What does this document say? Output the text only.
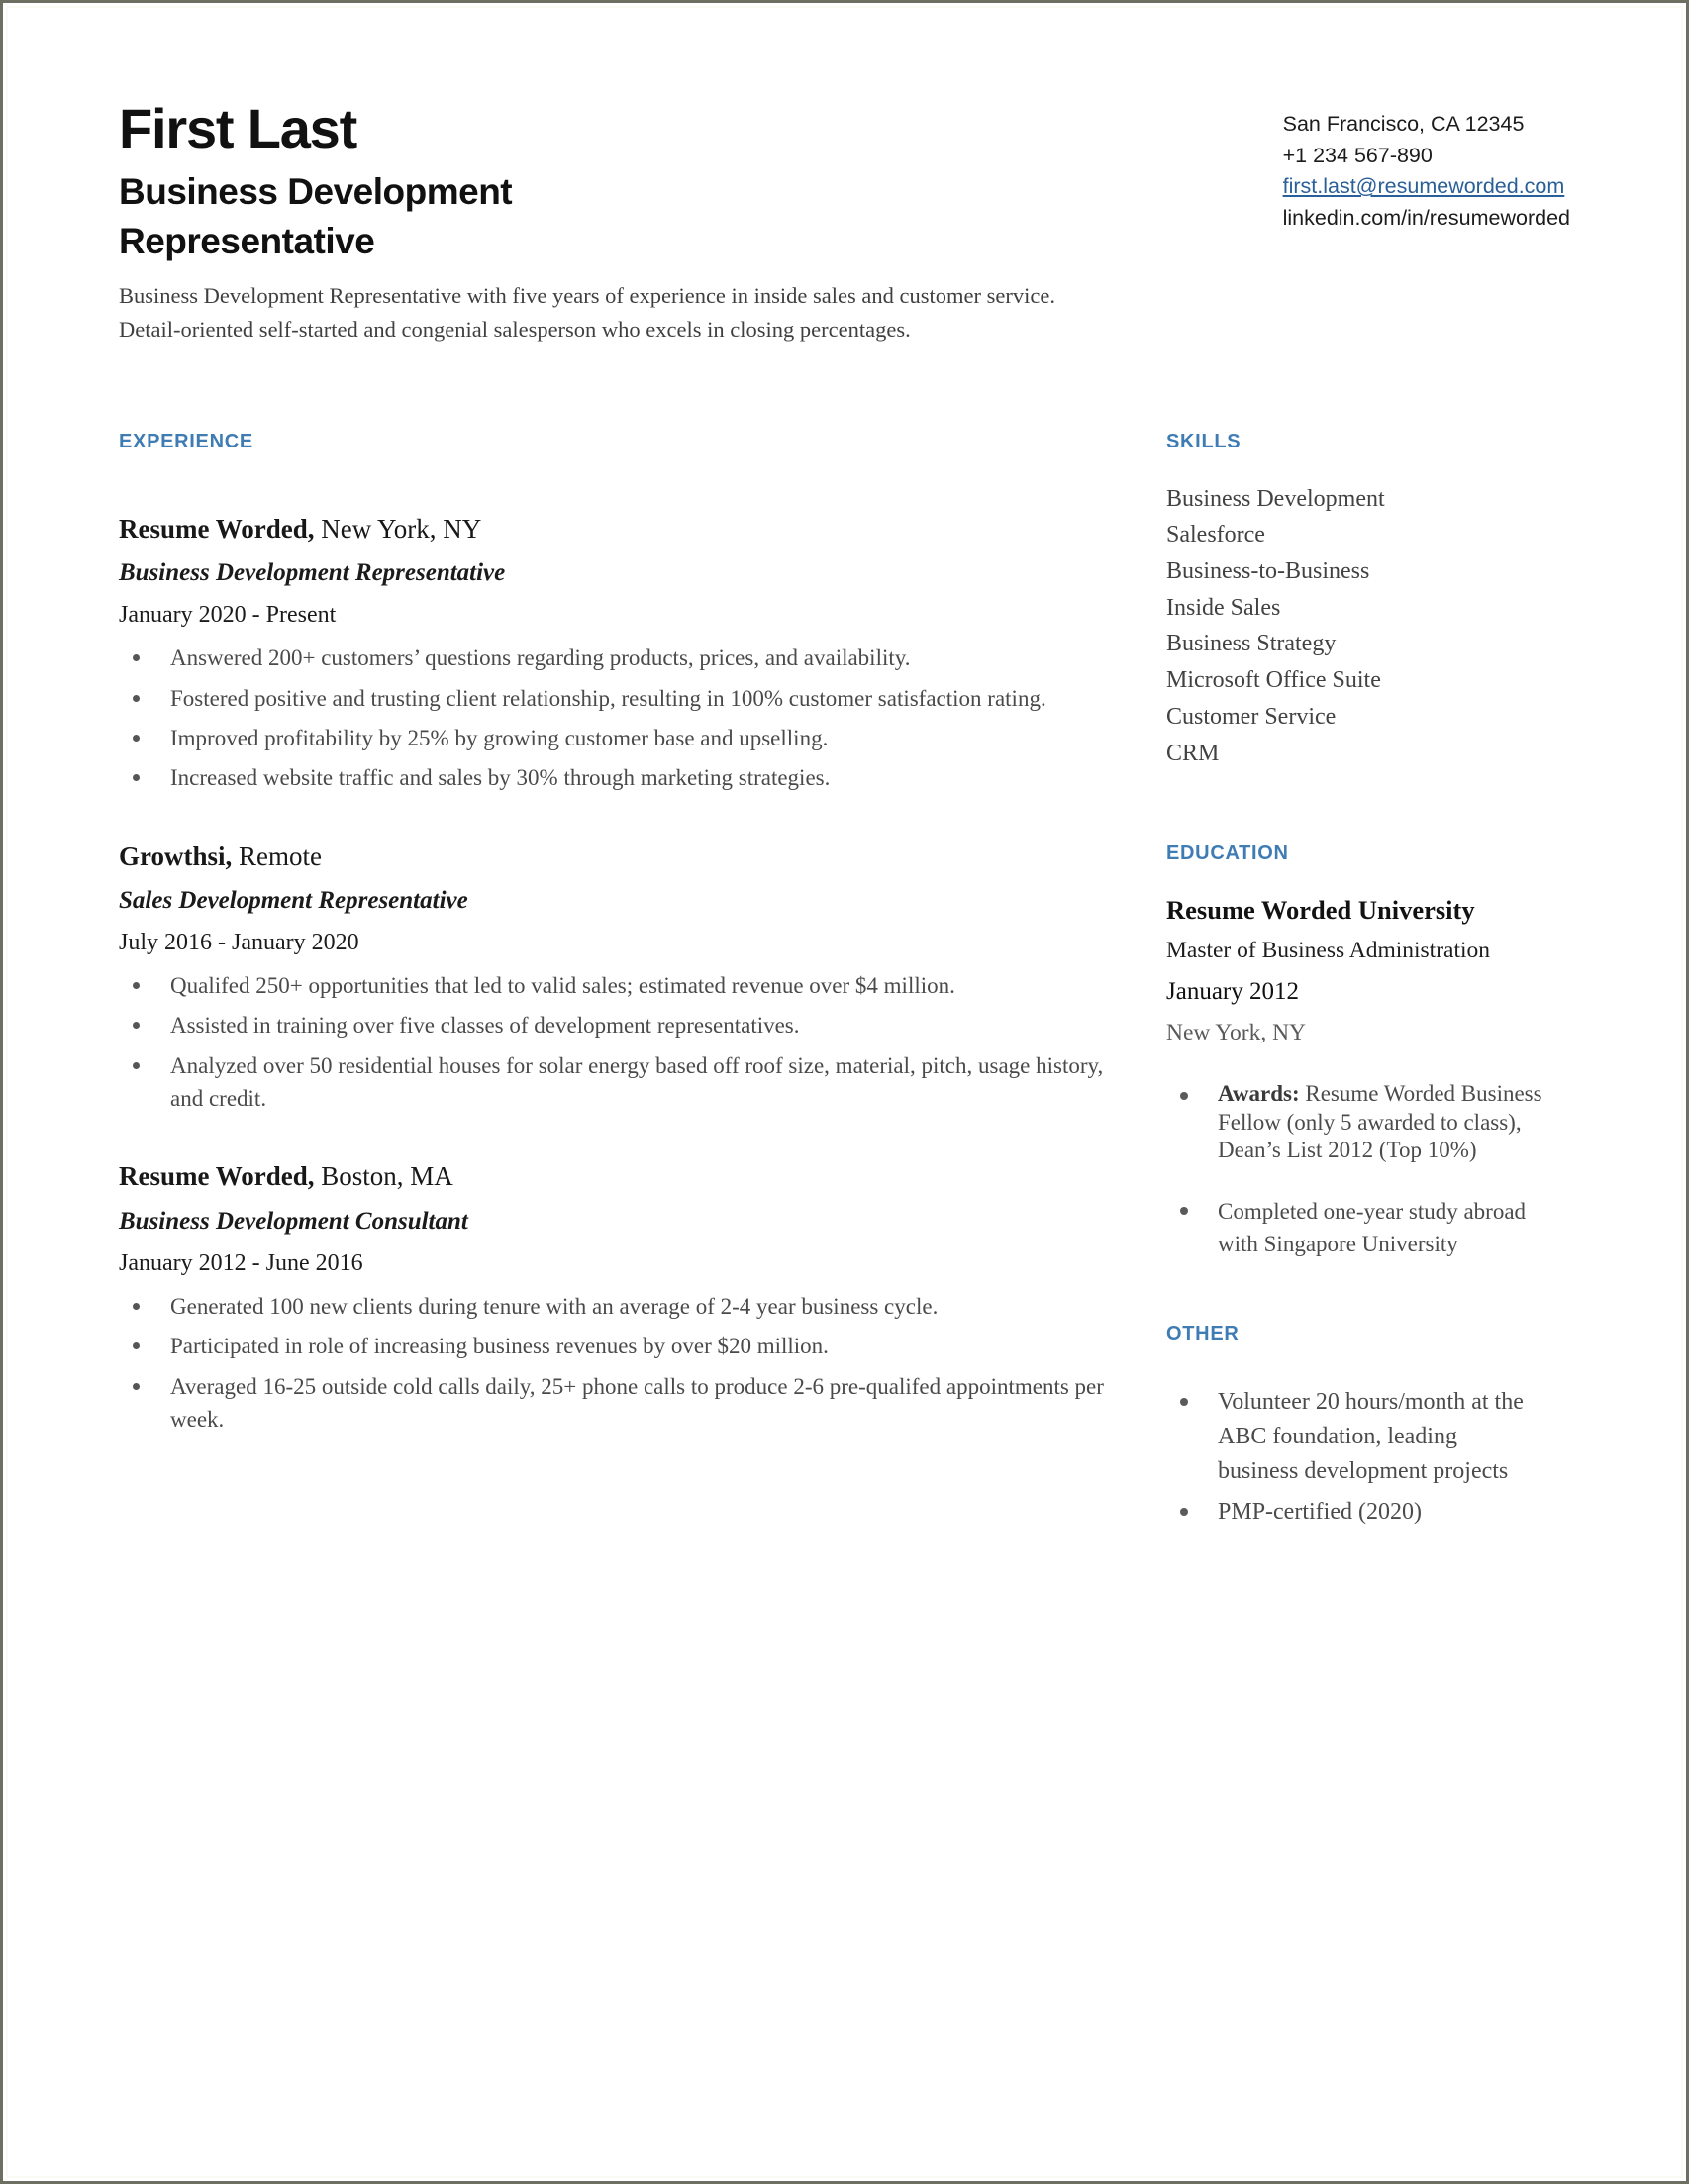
First Last
Business Development Representative

Business Development Representative with five years of experience in inside sales and customer service. Detail-oriented self-started and congenial salesperson who excels in closing percentages.

San Francisco, CA 12345
+1 234 567-890
first.last@resumeworded.com
linkedin.com/in/resumeworded
EXPERIENCE
Resume Worded, New York, NY
Business Development Representative
January 2020 - Present
Answered 200+ customers’ questions regarding products, prices, and availability.
Fostered positive and trusting client relationship, resulting in 100% customer satisfaction rating.
Improved profitability by 25% by growing customer base and upselling.
Increased website traffic and sales by 30% through marketing strategies.
Growthsi, Remote
Sales Development Representative
July 2016 - January 2020
Qualifed 250+ opportunities that led to valid sales; estimated revenue over $4 million.
Assisted in training over five classes of development representatives.
Analyzed over 50 residential houses for solar energy based off roof size, material, pitch, usage history, and credit.
Resume Worded, Boston, MA
Business Development Consultant
January 2012 - June 2016
Generated 100 new clients during tenure with an average of 2-4 year business cycle.
Participated in role of increasing business revenues by over $20 million.
Averaged 16-25 outside cold calls daily, 25+ phone calls to produce 2-6 pre-qualifed appointments per week.
SKILLS
Business Development
Salesforce
Business-to-Business
Inside Sales
Business Strategy
Microsoft Office Suite
Customer Service
CRM
EDUCATION
Resume Worded University
Master of Business Administration
January 2012
New York, NY
Awards: Resume Worded Business Fellow (only 5 awarded to class), Dean’s List 2012 (Top 10%)
Completed one-year study abroad with Singapore University
OTHER
Volunteer 20 hours/month at the ABC foundation, leading business development projects
PMP-certified (2020)
